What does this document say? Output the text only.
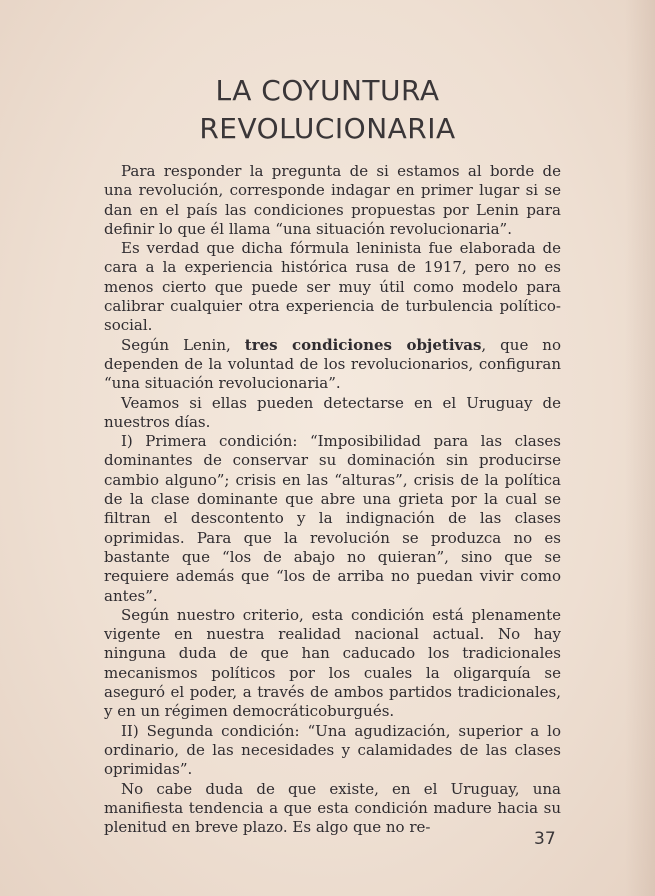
LA COYUNTURA
REVOLUCIONARIA

Para responder la pregunta de si estamos al borde de una revolución, corresponde indagar en primer lugar si se dan en el país las condiciones propuestas por Lenin para definir lo que él llama “una situación revolucionaria”.

Es verdad que dicha fórmula leninista fue elaborada de cara a la experiencia histórica rusa de 1917, pero no es menos cierto que puede ser muy útil como modelo para calibrar cualquier otra experiencia de turbulencia político-social.

Según Lenin, tres condiciones objetivas, que no dependen de la voluntad de los revolucionarios, configuran “una situación revolucionaria”.

Veamos si ellas pueden detectarse en el Uruguay de nuestros días.

I) Primera condición: “Imposibilidad para las clases dominantes de conservar su dominación sin producirse cambio alguno”; crisis en las “alturas”, crisis de la política de la clase dominante que abre una grieta por la cual se filtran el descontento y la indignación de las clases oprimidas. Para que la revolución se produzca no es bastante que “los de abajo no quieran”, sino que se requiere además que “los de arriba no puedan vivir como antes”.

Según nuestro criterio, esta condición está plenamente vigente en nuestra realidad nacional actual. No hay ninguna duda de que han caducado los tradicionales mecanismos políticos por los cuales la oligarquía se aseguró el poder, a través de ambos partidos tradicionales, y en un régimen democráticoburgués.

II) Segunda condición: “Una agudización, superior a lo ordinario, de las necesidades y calamidades de las clases oprimidas”.

No cabe duda de que existe, en el Uruguay, una manifiesta tendencia a que esta condición madure hacia su plenitud en breve plazo. Es algo que no re-

37
